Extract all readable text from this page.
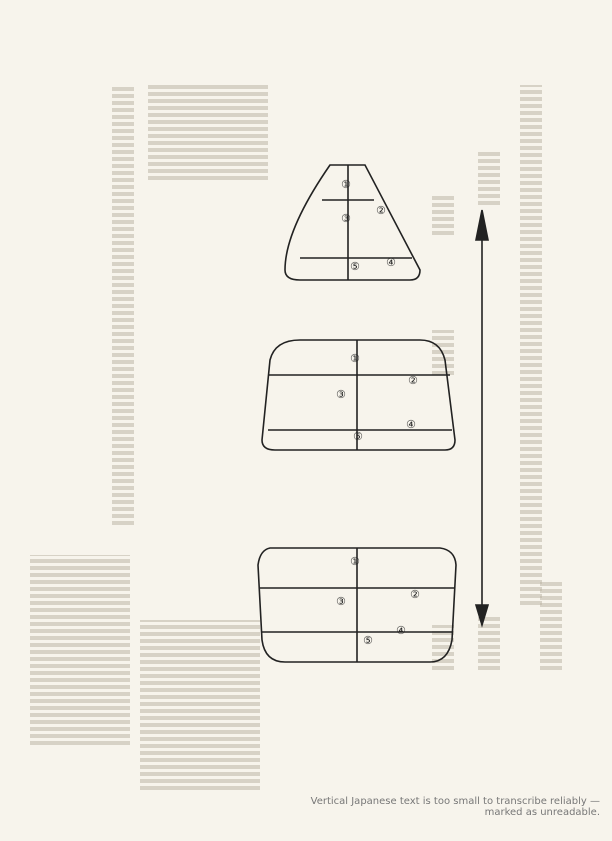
①
②
③
④
⑤
①
②
③
④
⑤
①
②
③
④
⑤
Vertical Japanese text is too small to transcribe reliably — marked as unreadable.
